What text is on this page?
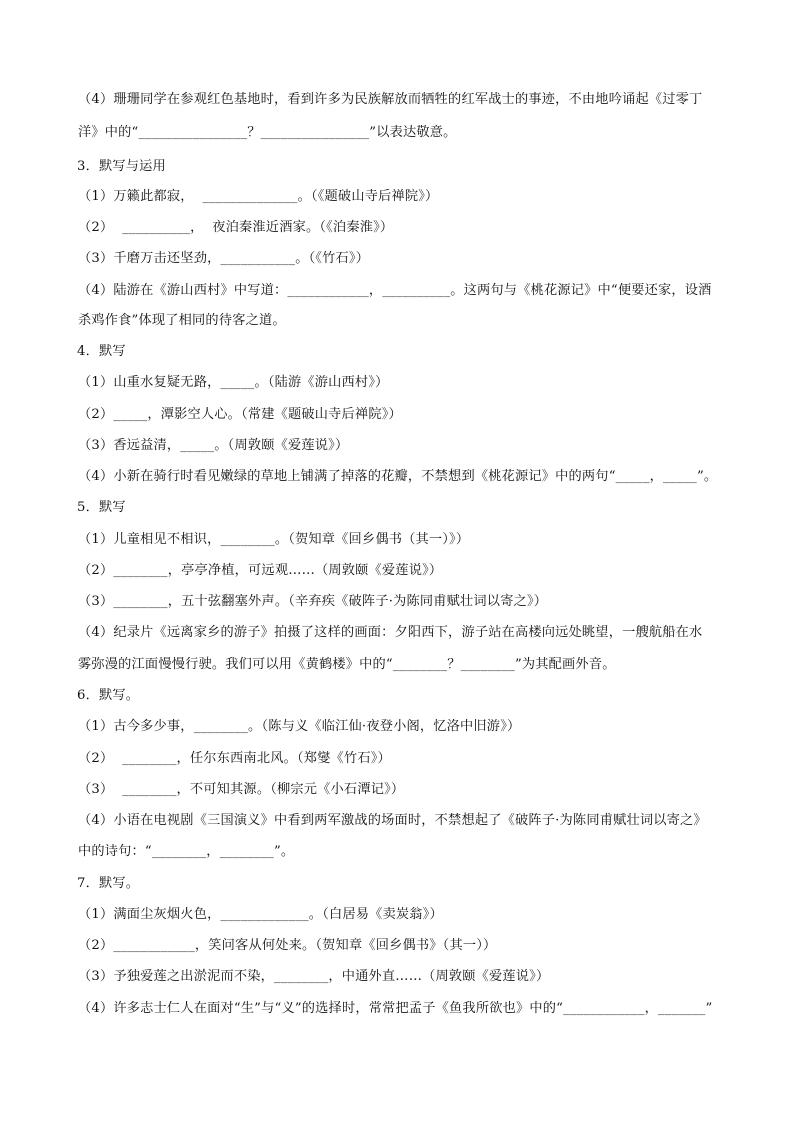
（4）珊珊同学在参观红色基地时，看到许多为民族解放而牺牲的红军战士的事迹，不由地吟诵起《过零丁
洋》中的“________________？________________”以表达敬意。
3．默写与运用
（1）万籁此都寂，  ______________。（《题破山寺后禅院》）
（2）  __________，  夜泊秦淮近酒家。（《泊秦淮》）
（3）千磨万击还坚劲，___________。（《竹石》）
（4）陆游在《游山西村》中写道：____________，__________。这两句与《桃花源记》中“便要还家，设酒
杀鸡作食”体现了相同的待客之道。
4．默写
（1）山重水复疑无路，_____。（陆游《游山西村》）
（2）_____，潭影空人心。（常建《题破山寺后禅院》）
（3）香远益清，_____。（周敦颐《爱莲说》）
（4）小新在骑行时看见嫩绿的草地上铺满了掉落的花瓣，不禁想到《桃花源记》中的两句“_____，_____”。
5．默写
（1）儿童相见不相识，________。（贺知章《回乡偶书（其一）》）
（2）________，亭亭净植，可远观……（周敦颐《爱莲说》）
（3）________，五十弦翻塞外声。（辛弃疾《破阵子·为陈同甫赋壮词以寄之》）
（4）纪录片《远离家乡的游子》拍摄了这样的画面：夕阳西下，游子站在高楼向远处眺望，一艘航船在水
雾弥漫的江面慢慢行驶。我们可以用《黄鹤楼》中的“________？________”为其配画外音。
6．默写。
（1）古今多少事，________。（陈与义《临江仙·夜登小阁，忆洛中旧游》）
（2）  ________，任尔东西南北风。（郑燮《竹石》）
（3）  ________，不可知其源。（柳宗元《小石潭记》）
（4）小语在电视剧《三国演义》中看到两军激战的场面时，不禁想起了《破阵子·为陈同甫赋壮词以寄之》
中的诗句：“________，________”。
7．默写。
（1）满面尘灰烟火色，_____________。（白居易《卖炭翁》）
（2）____________，笑问客从何处来。（贺知章《回乡偶书》（其一））
（3）予独爱莲之出淤泥而不染，________，中通外直……（周敦颐《爱莲说》）
（4）许多志士仁人在面对“生”与“义”的选择时，常常把孟子《鱼我所欲也》中的“____________，_______”
